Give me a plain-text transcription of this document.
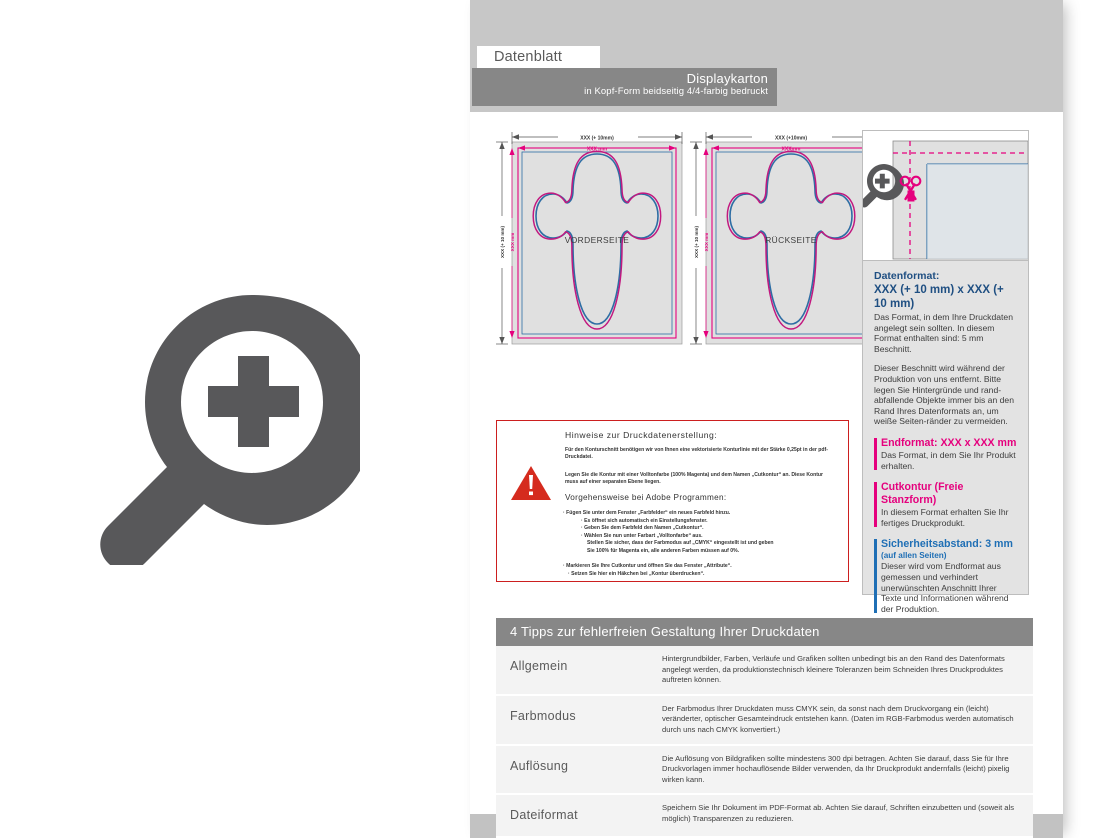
Datenblatt
Displaykarton
in Kopf-Form beidseitig 4/4-farbig bedruckt
XXX (+ 10mm)
XXX mm
XXX (+ 10 mm) XXX mm	VORDERSEITE
XXX (+10mm)
XXXmm
XXX (+ 10 mm) XXX mm	RÜCKSEITE
Datenformat:
XXX (+ 10 mm) x XXX (+ 10 mm)
Das Format, in dem Ihre Druckdaten angelegt sein sollten. In diesem Format enthalten sind: 5 mm Beschnitt.
Dieser Beschnitt wird während der Produktion von uns entfernt. Bitte legen Sie Hintergründe und rand-abfallende Objekte immer bis an den Rand Ihres Datenformats an, um weiße Seiten-ränder zu vermeiden.
Endformat: XXX x XXX mm
Das Format, in dem Sie Ihr Produkt erhalten.
Cutkontur (Freie Stanzform)
In diesem Format erhalten Sie Ihr fertiges Druckprodukt.
Sicherheitsabstand: 3 mm
(auf allen Seiten)
Dieser wird vom Endformat aus gemessen und verhindert unerwünschten Anschnitt Ihrer Texte und Informationen während der Produktion.
Hinweise zur Druckdatenerstellung:
Für den Konturschnitt benötigen wir von Ihnen eine vektorisierte Konturlinie mit der Stärke 0,25pt in der pdf-Druckdatei.
Legen Sie die Kontur mit einer Volltonfarbe (100% Magenta) und dem Namen „Cutkontur“ an. Diese Kontur muss auf einer separaten Ebene liegen.
Vorgehensweise bei Adobe Programmen:
· Fügen Sie unter dem Fenster „Farbfelder“ ein neues Farbfeld hinzu.
· Es öffnet sich automatisch ein Einstellungsfenster.
· Geben Sie dem Farbfeld den Namen „Cutkontur“.
· Wählen Sie nun unter Farbart „Volltonfarbe“ aus.
Stellen Sie sicher, dass der Farbmodus auf „CMYK“ eingestellt ist und geben
Sie 100% für Magenta ein, alle anderen Farben müssen auf 0%.
· Markieren Sie Ihre Cutkontur und öffnen Sie das Fenster „Attribute“.
· Setzen Sie hier ein Häkchen bei „Kontur überdrucken“.
4 Tipps zur fehlerfreien Gestaltung Ihrer Druckdaten
Allgemein
Hintergrundbilder, Farben, Verläufe und Grafiken sollten unbedingt bis an den Rand des Datenformats angelegt werden, da produktionstechnisch kleinere Toleranzen beim Schneiden Ihres Druckproduktes auftreten können.
Farbmodus
Der Farbmodus Ihrer Druckdaten muss CMYK sein, da sonst nach dem Druckvorgang ein (leicht) veränderter, optischer Gesamteindruck entstehen kann. (Daten im RGB-Farbmodus werden automatisch durch uns nach CMYK konvertiert.)
Auflösung
Die Auflösung von Bildgrafiken sollte mindestens 300 dpi betragen. Achten Sie darauf, dass Sie für Ihre Druckvorlagen immer hochauflösende Bilder verwenden, da Ihr Druckprodukt andernfalls (leicht) pixelig wirken kann.
Dateiformat
Speichern Sie Ihr Dokument im PDF-Format ab. Achten Sie darauf, Schriften einzubetten und (soweit als möglich) Transparenzen zu reduzieren.
